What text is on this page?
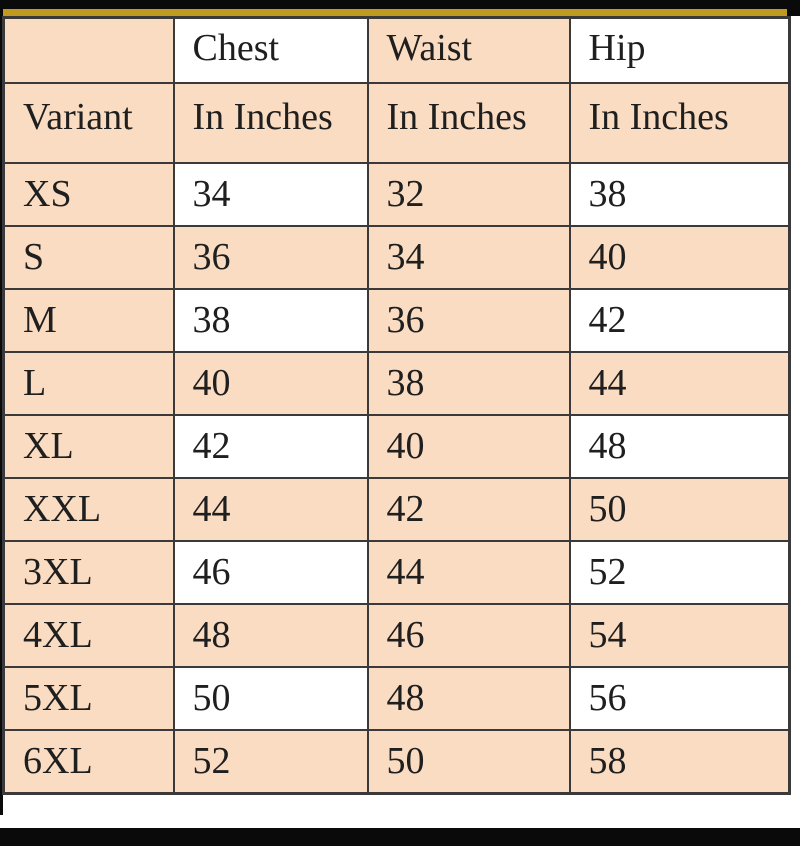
	Chest	Waist	Hip
Variant	In Inches	In Inches	In Inches
XS	34	32	38
S	36	34	40
M	38	36	42
L	40	38	44
XL	42	40	48
XXL	44	42	50
3XL	46	44	52
4XL	48	46	54
5XL	50	48	56
6XL	52	50	58
